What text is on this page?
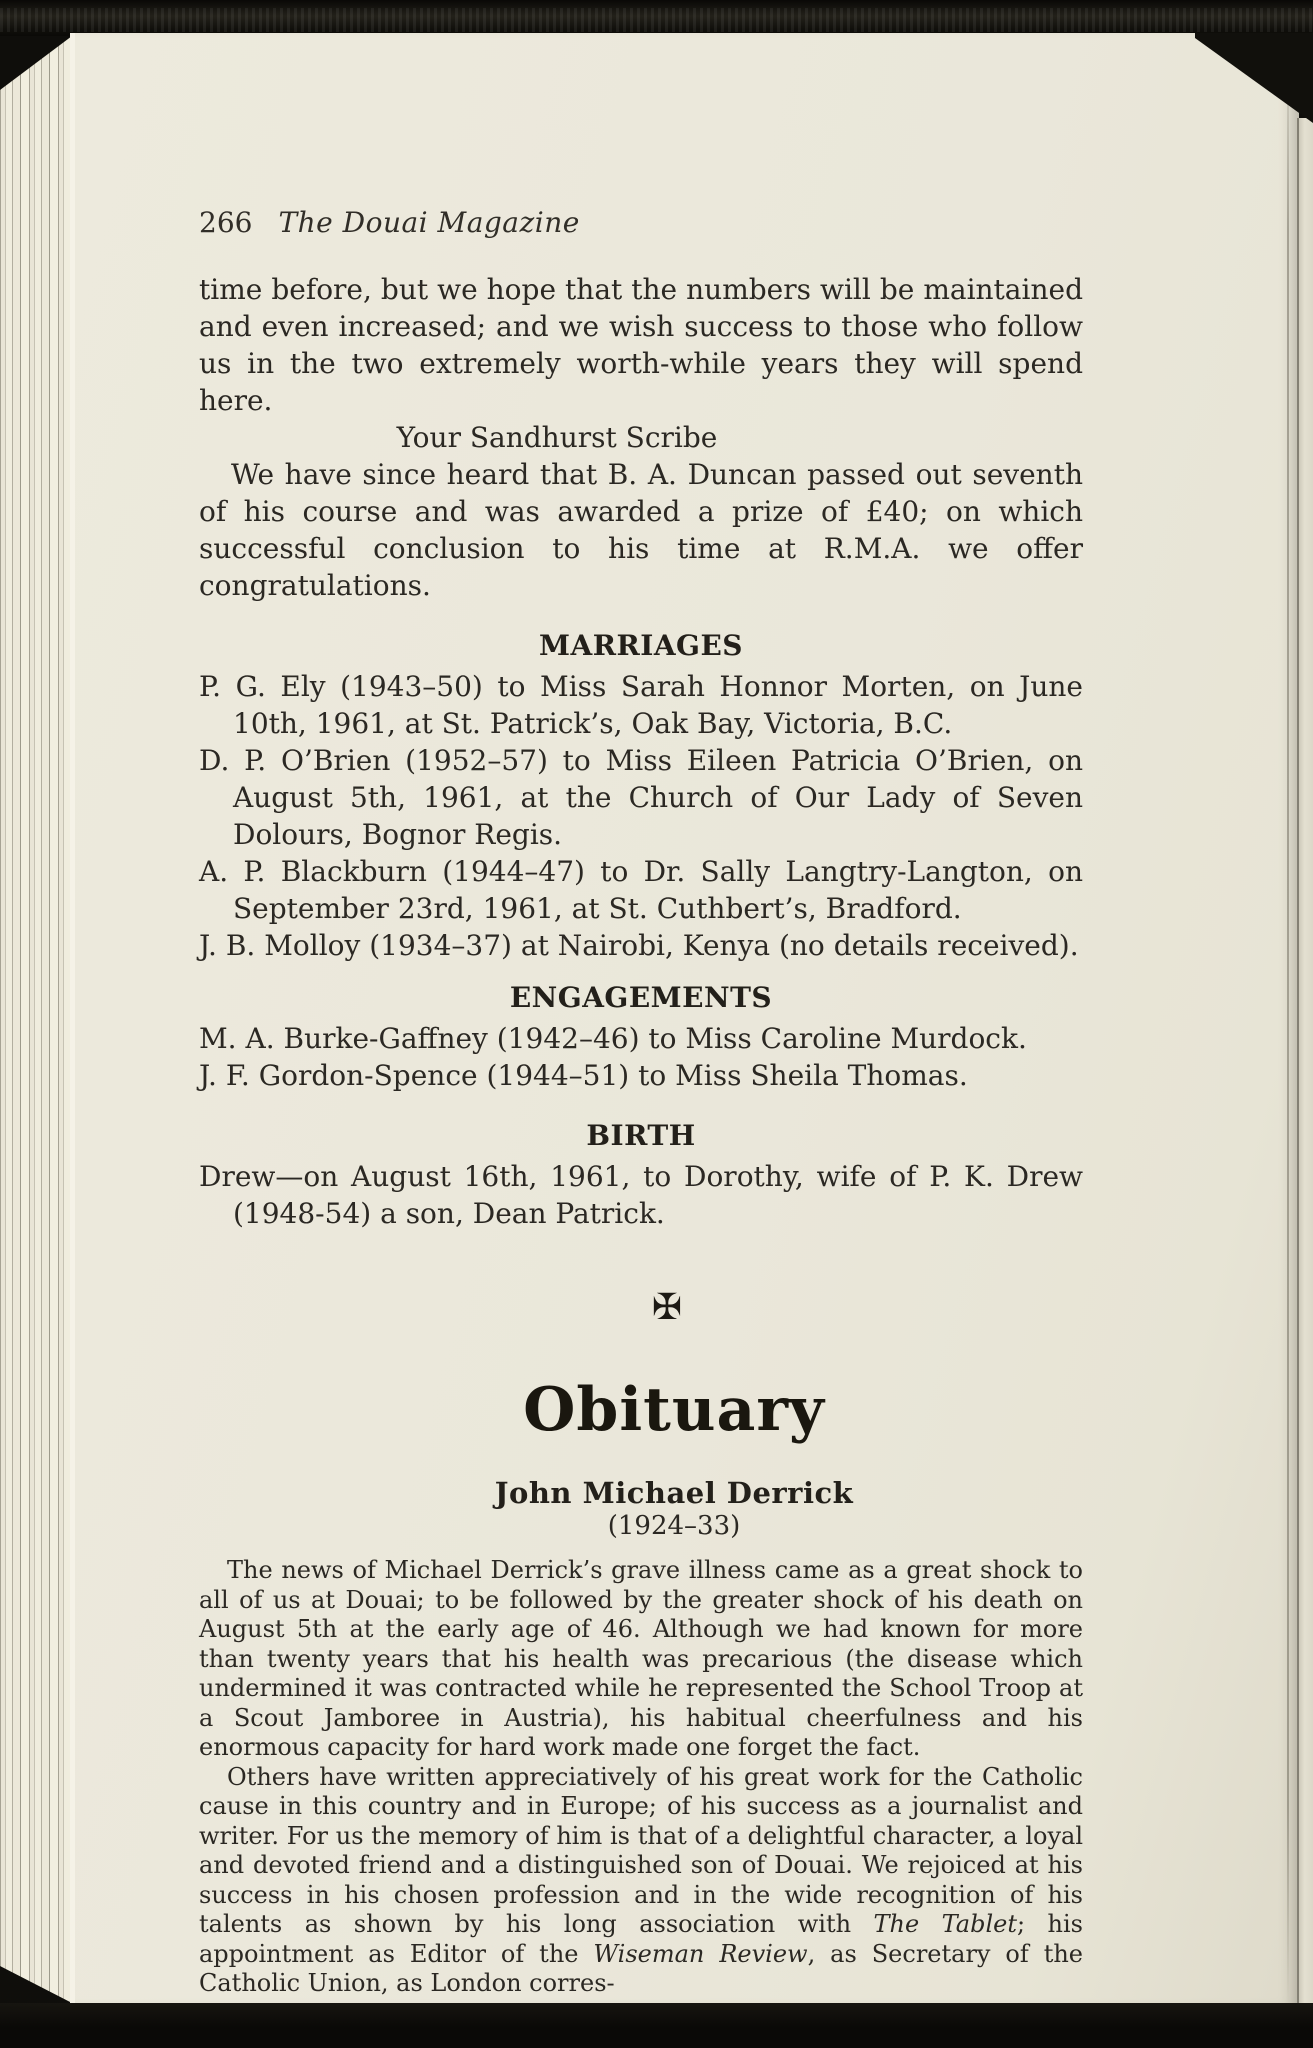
266 The Douai Magazine

time before, but we hope that the numbers will be maintained and even increased; and we wish success to those who follow us in the two extremely worth-while years they will spend here.

Your Sandhurst Scribe

We have since heard that B. A. Duncan passed out seventh of his course and was awarded a prize of £40; on which successful conclusion to his time at R.M.A. we offer congratulations.

MARRIAGES

P. G. Ely (1943–50) to Miss Sarah Honnor Morten, on June 10th, 1961, at St. Patrick’s, Oak Bay, Victoria, B.C.

D. P. O’Brien (1952–57) to Miss Eileen Patricia O’Brien, on August 5th, 1961, at the Church of Our Lady of Seven Dolours, Bognor Regis.

A. P. Blackburn (1944–47) to Dr. Sally Langtry-Langton, on September 23rd, 1961, at St. Cuthbert’s, Bradford.

J. B. Molloy (1934–37) at Nairobi, Kenya (no details received).

ENGAGEMENTS

M. A. Burke-Gaffney (1942–46) to Miss Caroline Murdock.

J. F. Gordon-Spence (1944–51) to Miss Sheila Thomas.

BIRTH

Drew—on August 16th, 1961, to Dorothy, wife of P. K. Drew (1948-54) a son, Dean Patrick.

✠
Obituary
John Michael Derrick
(1924–33)

The news of Michael Derrick’s grave illness came as a great shock to all of us at Douai; to be followed by the greater shock of his death on August 5th at the early age of 46. Although we had known for more than twenty years that his health was precarious (the disease which undermined it was contracted while he represented the School Troop at a Scout Jamboree in Austria), his habitual cheerfulness and his enormous capacity for hard work made one forget the fact.

Others have written appreciatively of his great work for the Catholic cause in this country and in Europe; of his success as a journalist and writer. For us the memory of him is that of a delightful character, a loyal and devoted friend and a distinguished son of Douai. We rejoiced at his success in his chosen profession and in the wide recognition of his talents as shown by his long association with The Tablet; his appointment as Editor of the Wiseman Review, as Secretary of the Catholic Union, as London corres-
